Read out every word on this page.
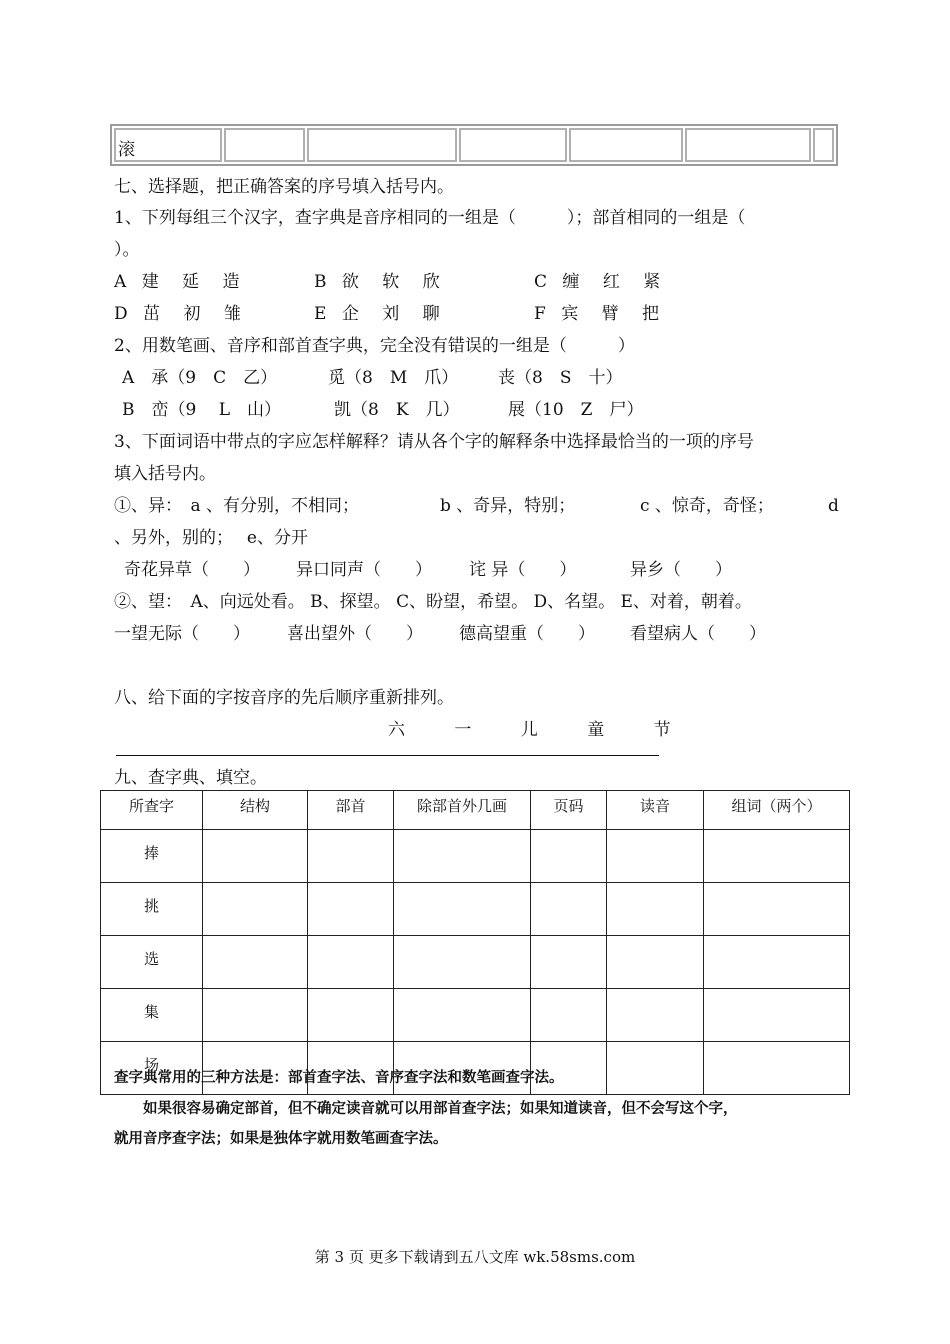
滚						
七、选择题，把正确答案的序号填入括号内。
1、下列每组三个汉字，查字典是音序相同的一组是（　　　）；部首相同的一组是（
）。
A 建 延 造	B 欲 软 欣	C 缠 红 紧
D 茁 初 雏	E 企 刘 聊	F 宾 臂 把
2、用数笔画、音序和部首查字典，完全没有错误的一组是（　　　）
A　承（9　C　乙）	觅（8　M　爪） 丧（8　S　十）
B　峦（9　 L　山）	凯（8　K　几）	展（10　Z　尸）
3、下面词语中带点的字应怎样解释？请从各个字的解释条中选择最恰当的一项的序号
填入括号内。
①、异：　a 、有分别，不相同；	b 、奇异，特别；	c 、惊奇，奇怪；	d
、另外，别的；　 e、分开
奇花异草（　　） 异口同声（　　） 诧 异（　　）	异乡（　　）
②、望：　A、向远处看。 B、探望。 C、盼望，希望。 D、名望。 E、对着，朝着。
一望无际（　　） 喜出望外（　　） 德高望重（　　） 看望病人（　　）
八、给下面的字按音序的先后顺序重新排列。
六 一 儿 童 节
九、查字典、填空。
所查字	结构	部首	除部首外几画	页码	读音	组词（两个）
捧						
挑						
选						
集						
场						
查字典常用的三种方法是：部首查字法、音序查字法和数笔画查字法。
　　如果很容易确定部首，但不确定读音就可以用部首查字法；如果知道读音，但不会写这个字，
就用音序查字法；如果是独体字就用数笔画查字法。
第 3 页 更多下载请到五八文库 wk.58sms.com
